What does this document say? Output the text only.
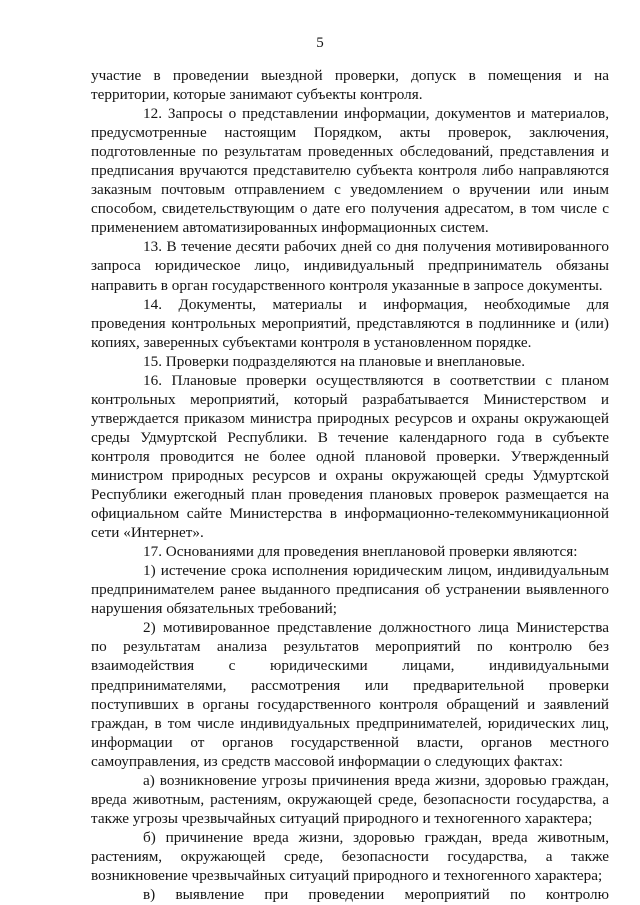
5

участие в проведении выездной проверки, допуск в помещения и на территории, которые занимают субъекты контроля.

12. Запросы о представлении информации, документов и материалов, предусмотренные настоящим Порядком, акты проверок, заключения, подготовленные по результатам проведенных обследований, представления и предписания вручаются представителю субъекта контроля либо направляются заказным почтовым отправлением с уведомлением о вручении или иным способом, свидетельствующим о дате его получения адресатом, в том числе с применением автоматизированных информационных систем.

13. В течение десяти рабочих дней со дня получения мотивированного запроса юридическое лицо, индивидуальный предприниматель обязаны направить в орган государственного контроля указанные в запросе документы.

14. Документы, материалы и информация, необходимые для проведения контрольных мероприятий, представляются в подлиннике и (или) копиях, заверенных субъектами контроля в установленном порядке.

15. Проверки подразделяются на плановые и внеплановые.

16. Плановые проверки осуществляются в соответствии с планом контрольных мероприятий, который разрабатывается Министерством и утверждается приказом министра природных ресурсов и охраны окружающей среды Удмуртской Республики. В течение календарного года в субъекте контроля проводится не более одной плановой проверки. Утвержденный министром природных ресурсов и охраны окружающей среды Удмуртской Республики ежегодный план проведения плановых проверок размещается на официальном сайте Министерства в информационно-телекоммуникационной сети «Интернет».

17. Основаниями для проведения внеплановой проверки являются:

1) истечение срока исполнения юридическим лицом, индивидуальным предпринимателем ранее выданного предписания об устранении выявленного нарушения обязательных требований;

2) мотивированное представление должностного лица Министерства по результатам анализа результатов мероприятий по контролю без взаимодействия с юридическими лицами, индивидуальными предпринимателями, рассмотрения или предварительной проверки поступивших в органы государственного контроля обращений и заявлений граждан, в том числе индивидуальных предпринимателей, юридических лиц, информации от органов государственной власти, органов местного самоуправления, из средств массовой информации о следующих фактах:

а) возникновение угрозы причинения вреда жизни, здоровью граждан, вреда животным, растениям, окружающей среде, безопасности государства, а также угрозы чрезвычайных ситуаций природного и техногенного характера;

б) причинение вреда жизни, здоровью граждан, вреда животным, растениям, окружающей среде, безопасности государства, а также возникновение чрезвычайных ситуаций природного и техногенного характера;

в) выявление при проведении мероприятий по контролю
